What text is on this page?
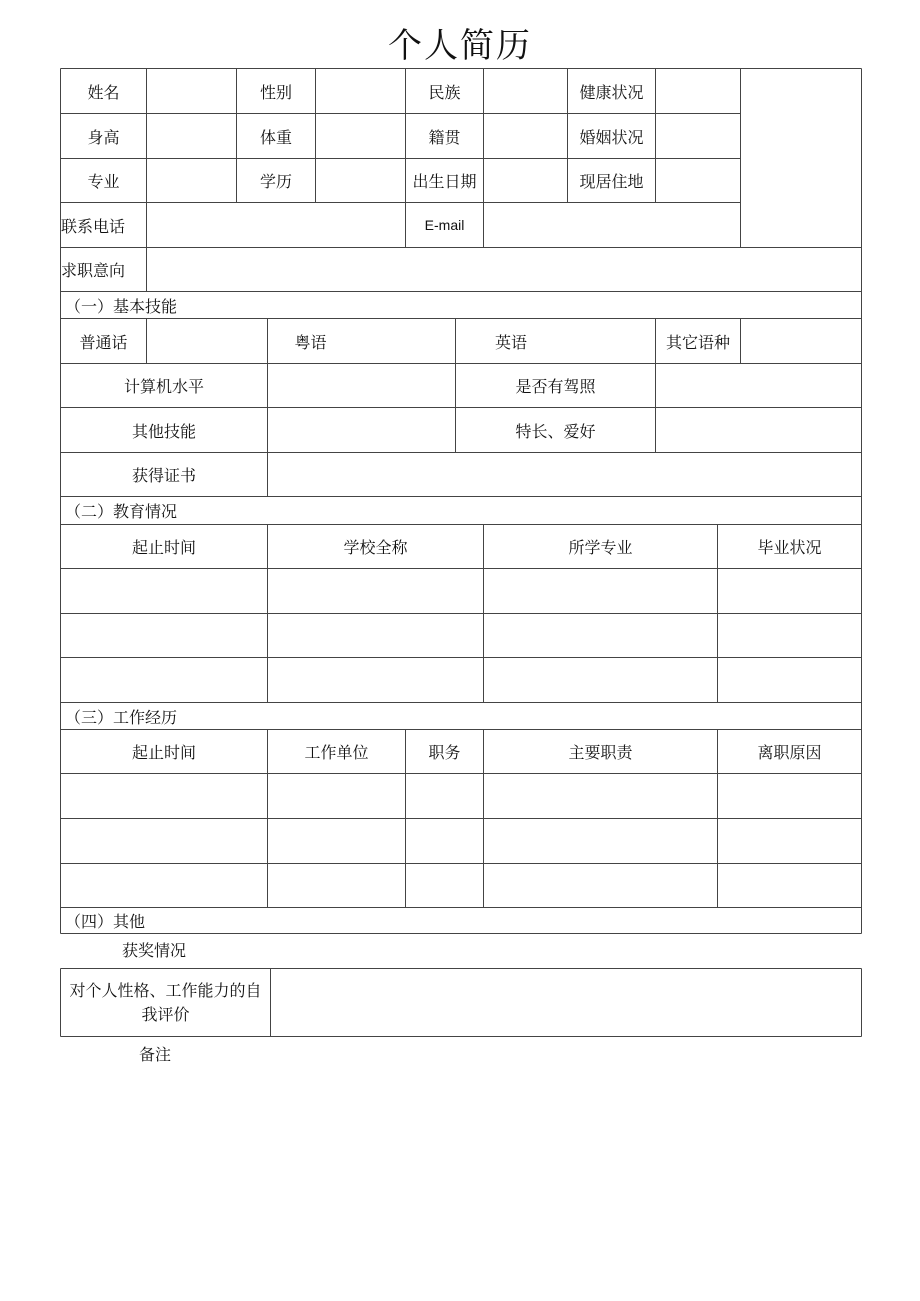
个人简历
姓名	性别	民族	健康状况
身高	体重	籍贯	婚姻状况
专业	学历	出生日期	现居住地
联系电话	E-mail
求职意向
（一）基本技能
普通话	粤语	英语	其它语种
计算机水平	是否有驾照
其他技能	特长、爱好
获得证书
（二）教育情况
起止时间	学校全称	所学专业	毕业状况
（三）工作经历
起止时间	工作单位	职务	主要职责	离职原因
（四）其他
获奖情况
对个人性格、工作能力的自我评价
备注
